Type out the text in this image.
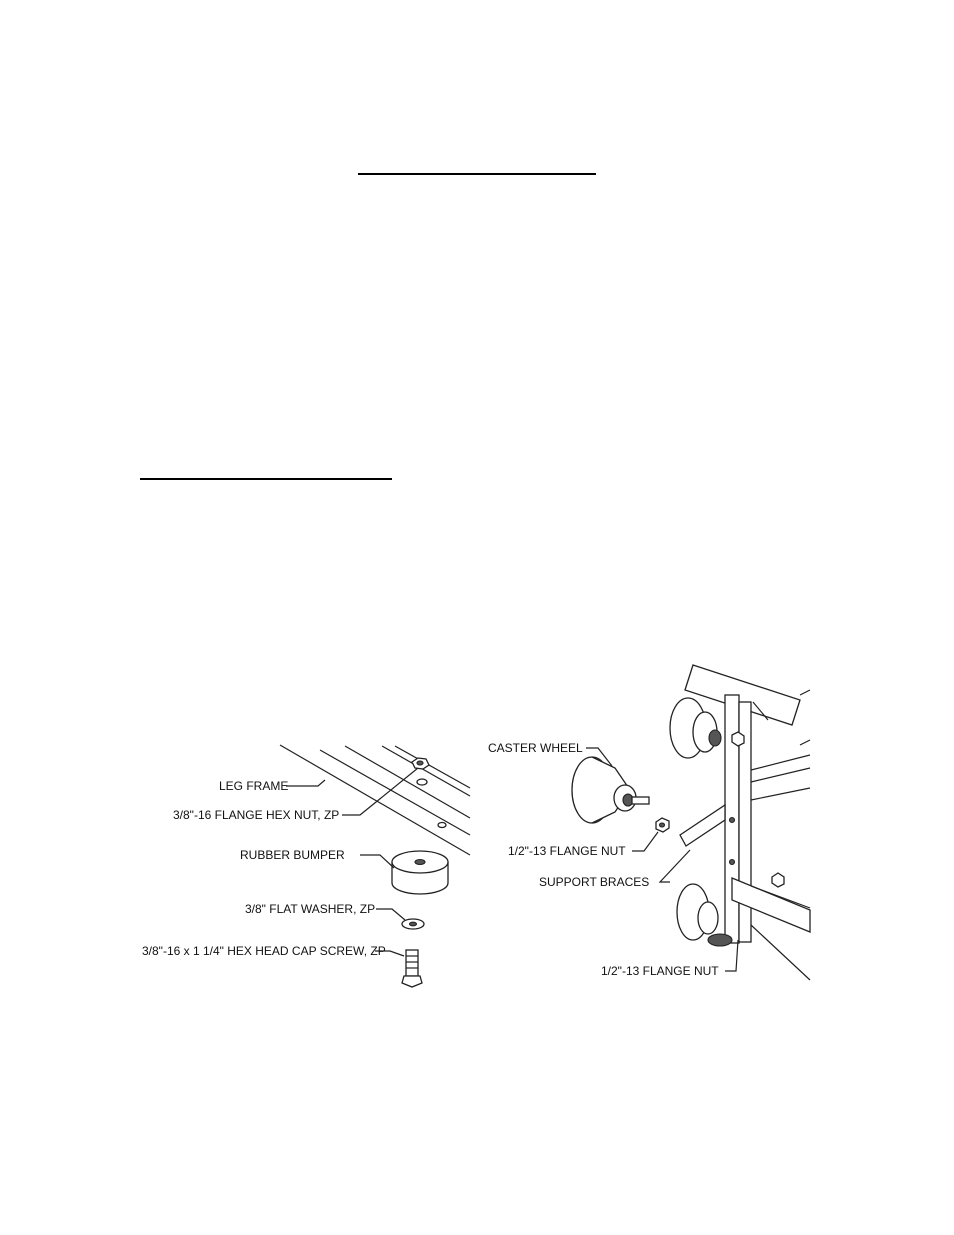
LEG FRAME
3/8"-16 FLANGE HEX NUT, ZP
RUBBER BUMPER
3/8" FLAT WASHER, ZP
3/8"-16 x 1 1/4" HEX HEAD CAP SCREW, ZP
CASTER WHEEL
1/2"-13 FLANGE NUT
SUPPORT BRACES
1/2"-13 FLANGE NUT
